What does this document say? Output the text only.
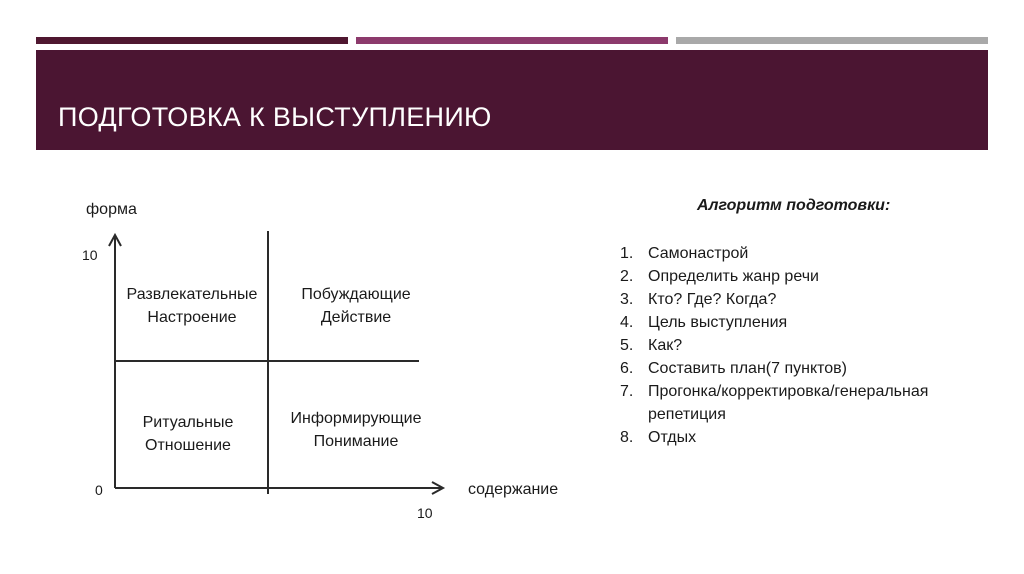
ПОДГОТОВКА К ВЫСТУПЛЕНИЮ
форма
10
0	содержание
10
Развлекательные
Настроение
Побуждающие
Действие
Ритуальные
Отношение
Информирующие
Понимание
Алгоритм подготовки:
1. Самонастрой
2. Определить жанр речи
3. Кто? Где? Когда?
4. Цель выступления
5. Как?
6. Составить план(7 пунктов)
7. Прогонка/корректировка/генеральная репетиция
8. Отдых
